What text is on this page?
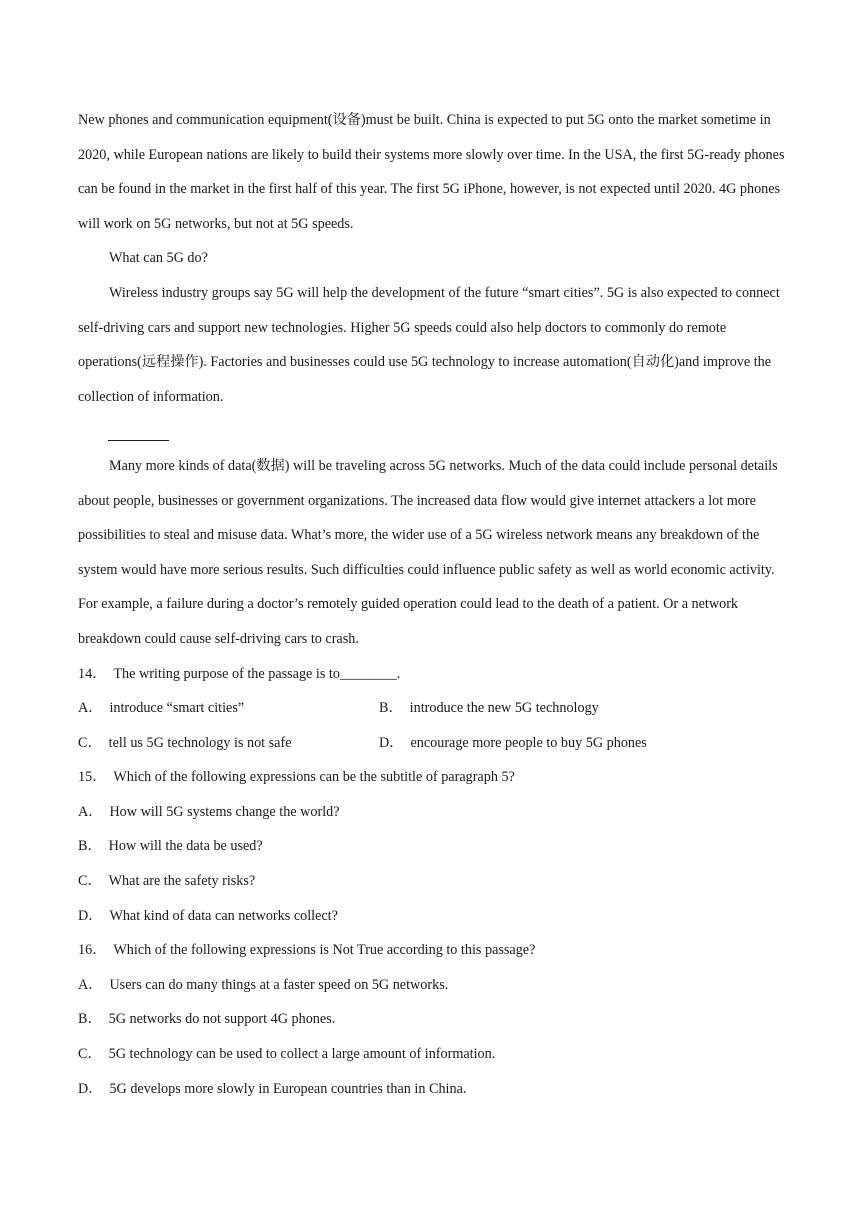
New phones and communication equipment(设备)must be built. China is expected to put 5G onto the market sometime in 2020, while European nations are likely to build their systems more slowly over time. In the USA, the first 5G-ready phones can be found in the market in the first half of this year. The first 5G iPhone, however, is not expected until 2020. 4G phones will work on 5G networks, but not at 5G speeds.

What can 5G do?

Wireless industry groups say 5G will help the development of the future “smart cities”. 5G is also expected to connect self-driving cars and support new technologies. Higher 5G speeds could also help doctors to commonly do remote operations(远程操作). Factories and businesses could use 5G technology to increase automation(自动化)and improve the collection of information.

Many more kinds of data(数据) will be traveling across 5G networks. Much of the data could include personal details about people, businesses or government organizations. The increased data flow would give internet attackers a lot more possibilities to steal and misuse data. What’s more, the wider use of a 5G wireless network means any breakdown of the system would have more serious results. Such difficulties could influence public safety as well as world economic activity. For example, a failure during a doctor’s remotely guided operation could lead to the death of a patient. Or a network breakdown could cause self-driving cars to crash.

14． The writing purpose of the passage is to________.

A． introduce “smart cities”	B． introduce the new 5G technology
C． tell us 5G technology is not safe	D． encourage more people to buy 5G phones

15． Which of the following expressions can be the subtitle of paragraph 5?

A． How will 5G systems change the world?

B． How will the data be used?

C． What are the safety risks?

D． What kind of data can networks collect?

16． Which of the following expressions is Not True according to this passage?

A． Users can do many things at a faster speed on 5G networks.

B． 5G networks do not support 4G phones.

C． 5G technology can be used to collect a large amount of information.

D． 5G develops more slowly in European countries than in China.
